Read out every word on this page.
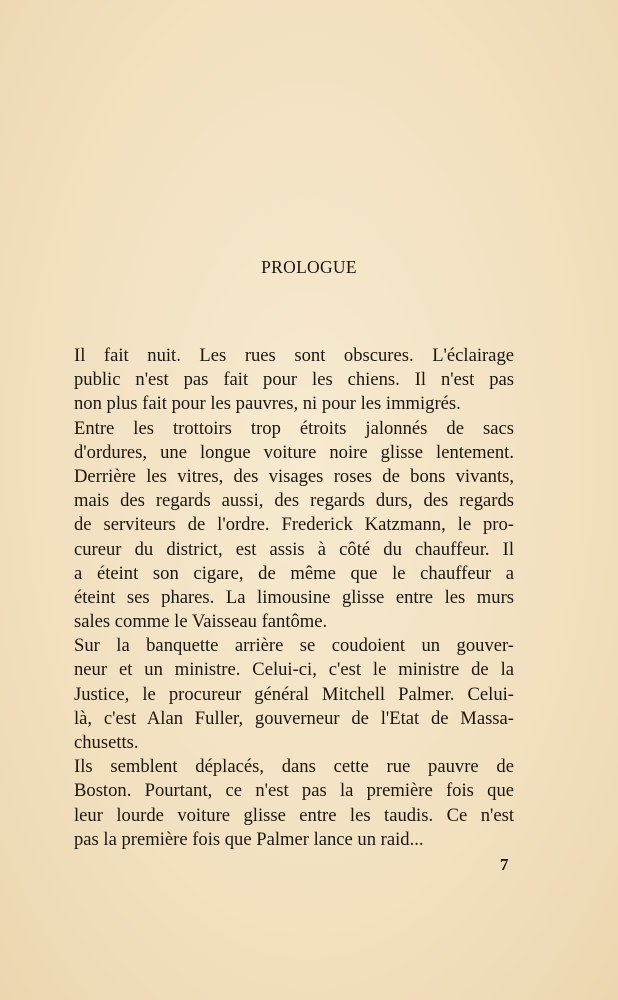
PROLOGUE
Il fait nuit. Les rues sont obscures. L'éclairage
public n'est pas fait pour les chiens. Il n'est pas
non plus fait pour les pauvres, ni pour les immigrés.
Entre les trottoirs trop étroits jalonnés de sacs
d'ordures, une longue voiture noire glisse lentement.
Derrière les vitres, des visages roses de bons vivants,
mais des regards aussi, des regards durs, des regards
de serviteurs de l'ordre. Frederick Katzmann, le pro-
cureur du district, est assis à côté du chauffeur. Il
a éteint son cigare, de même que le chauffeur a
éteint ses phares. La limousine glisse entre les murs
sales comme le Vaisseau fantôme.
Sur la banquette arrière se coudoient un gouver-
neur et un ministre. Celui-ci, c'est le ministre de la
Justice, le procureur général Mitchell Palmer. Celui-
là, c'est Alan Fuller, gouverneur de l'Etat de Massa-
chusetts.
Ils semblent déplacés, dans cette rue pauvre de
Boston. Pourtant, ce n'est pas la première fois que
leur lourde voiture glisse entre les taudis. Ce n'est
pas la première fois que Palmer lance un raid...
7
